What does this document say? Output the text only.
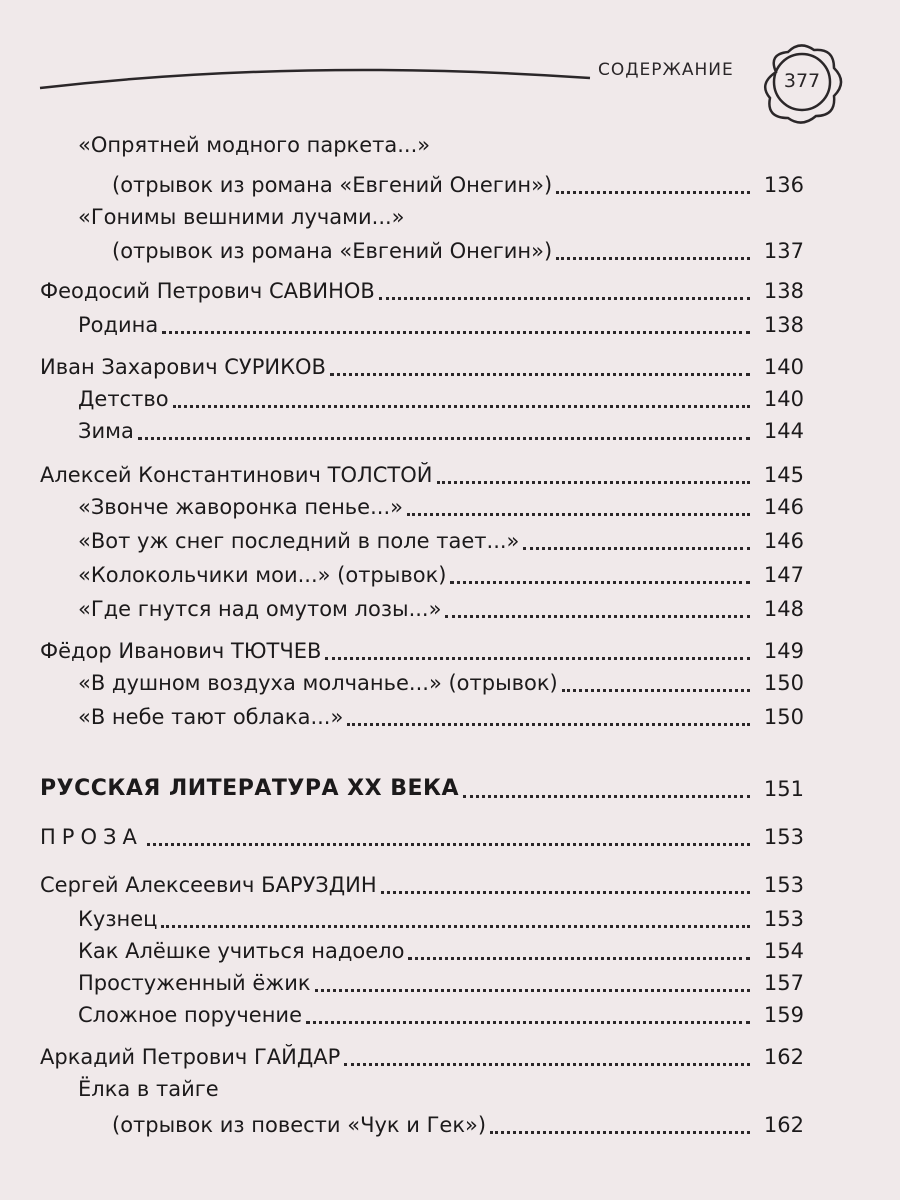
СОДЕРЖАНИЕ	377
«Опрятней модного паркета...»
(отрывок из романа «Евгений Онегин»)	136
«Гонимы вешними лучами...»
(отрывок из романа «Евгений Онегин»)	137
Феодосий Петрович САВИНОВ	138
Родина	138
Иван Захарович СУРИКОВ	140
Детство	140
Зима	144
Алексей Константинович ТОЛСТОЙ	145
«Звонче жаворонка пенье...»	146
«Вот уж снег последний в поле тает...»	146
«Колокольчики мои...» (отрывок)	147
«Где гнутся над омутом лозы...»	148
Фёдор Иванович ТЮТЧЕВ	149
«В душном воздуха молчанье...» (отрывок)	150
«В небе тают облака...»	150
РУССКАЯ ЛИТЕРАТУРА XX ВЕКА	151
ПРОЗА	153
Сергей Алексеевич БАРУЗДИН	153
Кузнец	153
Как Алёшке учиться надоело	154
Простуженный ёжик	157
Сложное поручение	159
Аркадий Петрович ГАЙДАР	162
Ёлка в тайге
(отрывок из повести «Чук и Гек»)	162
